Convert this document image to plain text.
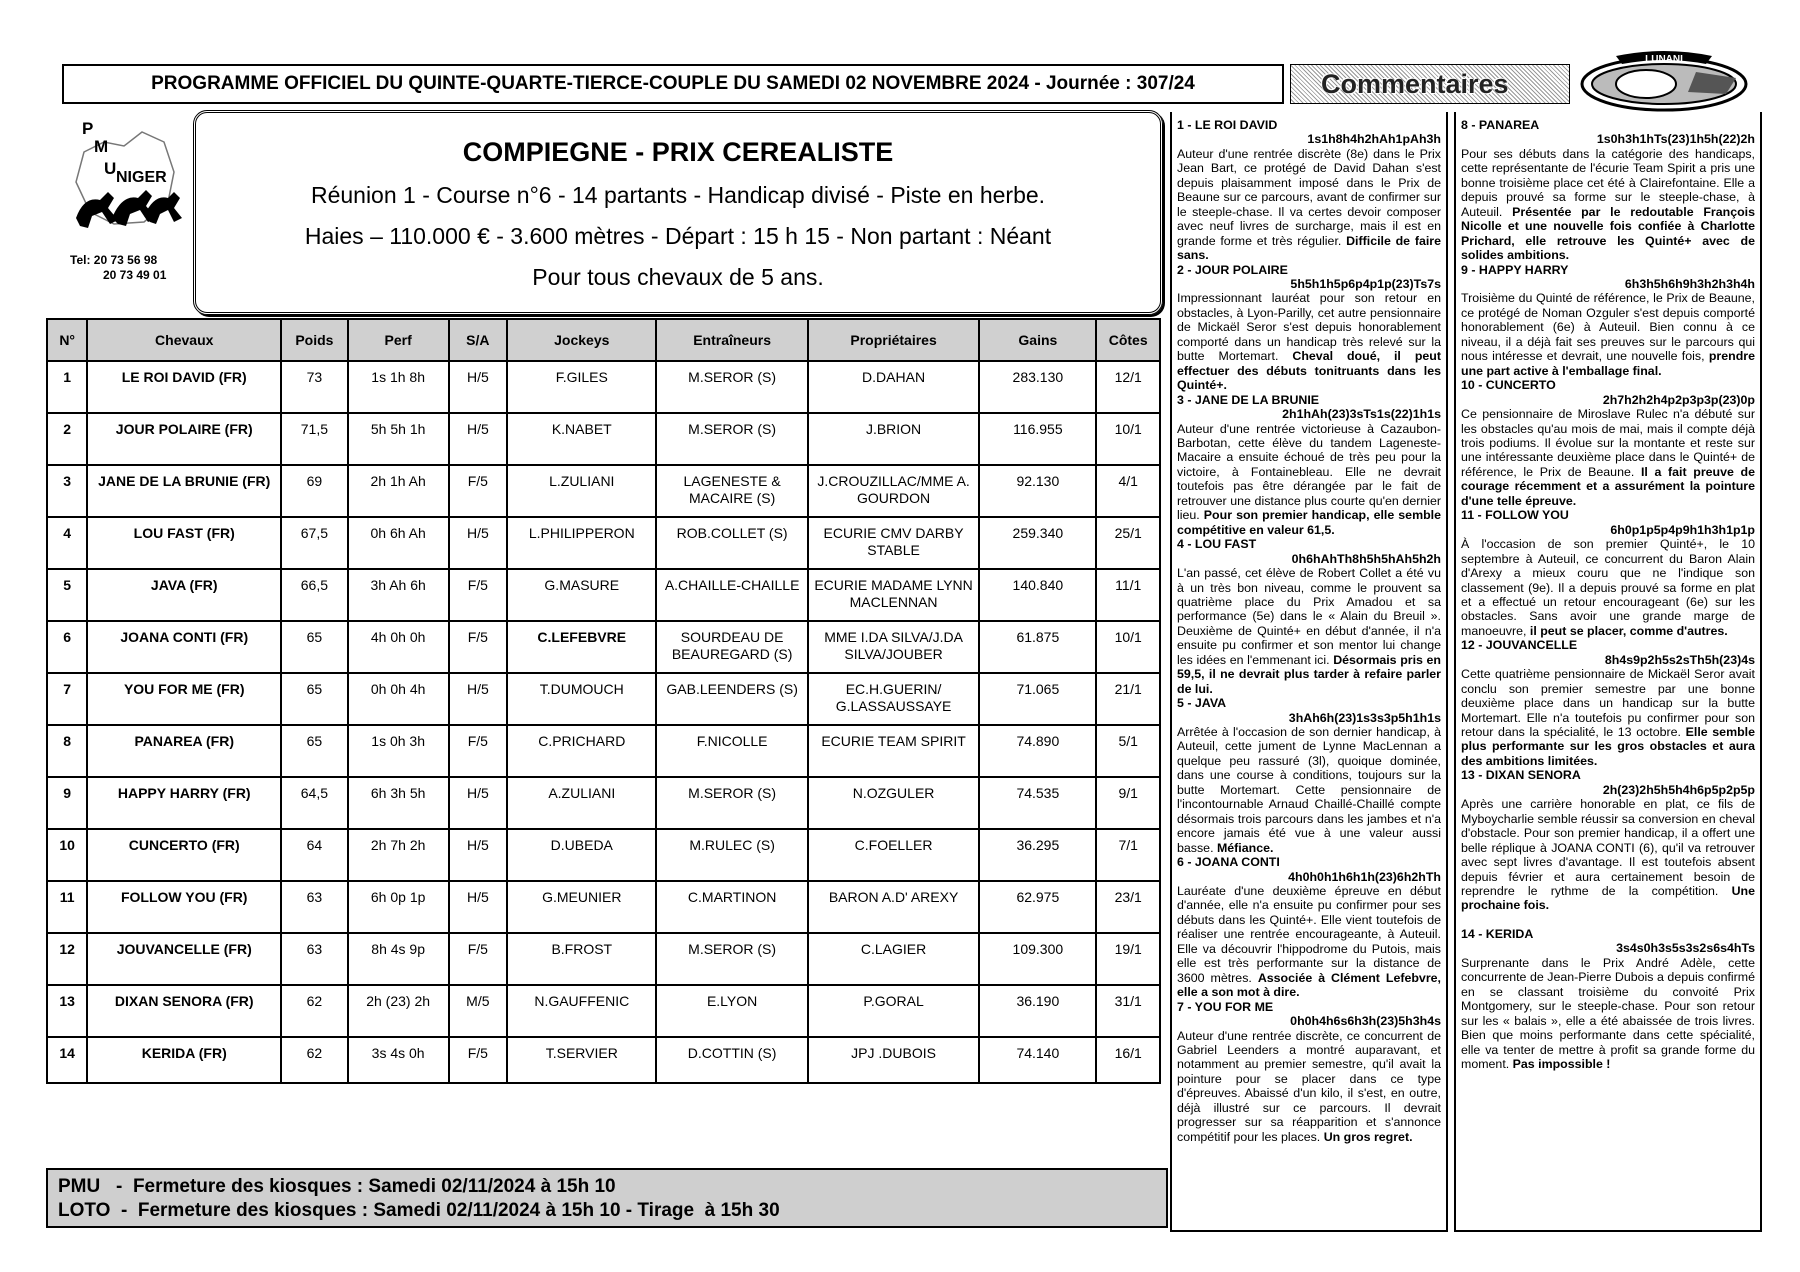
PROGRAMME OFFICIEL DU QUINTE-QUARTE-TIERCE-COUPLE DU SAMEDI 02 NOVEMBRE 2024 - Journée : 307/24	Commentaires
LUNANI
P
M
U NIGER
Tel: 20 73 56 98
20 73 49 01
COMPIEGNE - PRIX CEREALISTE
Réunion 1 - Course n°6 - 14 partants - Handicap divisé - Piste en herbe.
Haies – 110.000 € - 3.600 mètres - Départ : 15 h 15 - Non partant : Néant
Pour tous chevaux de 5 ans.
N°	Chevaux	Poids	Perf	S/A	Jockeys	Entraîneurs	Propriétaires	Gains	Côtes
1	LE ROI DAVID (FR)	73	1s 1h 8h	H/5	F.GILES	M.SEROR (S)	D.DAHAN	283.130	12/1
2	JOUR POLAIRE (FR)	71,5	5h 5h 1h	H/5	K.NABET	M.SEROR (S)	J.BRION	116.955	10/1
3	JANE DE LA BRUNIE (FR)	69	2h 1h Ah	F/5	L.ZULIANI	LAGENESTE & MACAIRE (S)	J.CROUZILLAC/MME A. GOURDON	92.130	4/1
4	LOU FAST (FR)	67,5	0h 6h Ah	H/5	L.PHILIPPERON	ROB.COLLET (S)	ECURIE CMV DARBY STABLE	259.340	25/1
5	JAVA (FR)	66,5	3h Ah 6h	F/5	G.MASURE	A.CHAILLE-CHAILLE	ECURIE MADAME LYNN MACLENNAN	140.840	11/1
6	JOANA CONTI (FR)	65	4h 0h 0h	F/5	C.LEFEBVRE	SOURDEAU DE BEAUREGARD (S)	MME I.DA SILVA/J.DA SILVA/JOUBER	61.875	10/1
7	YOU FOR ME (FR)	65	0h 0h 4h	H/5	T.DUMOUCH	GAB.LEENDERS (S)	EC.H.GUERIN/ G.LASSAUSSAYE	71.065	21/1
8	PANAREA (FR)	65	1s 0h 3h	F/5	C.PRICHARD	F.NICOLLE	ECURIE TEAM SPIRIT	74.890	5/1
9	HAPPY HARRY (FR)	64,5	6h 3h 5h	H/5	A.ZULIANI	M.SEROR (S)	N.OZGULER	74.535	9/1
10	CUNCERTO (FR)	64	2h 7h 2h	H/5	D.UBEDA	M.RULEC (S)	C.FOELLER	36.295	7/1
11	FOLLOW YOU (FR)	63	6h 0p 1p	H/5	G.MEUNIER	C.MARTINON	BARON A.D' AREXY	62.975	23/1
12	JOUVANCELLE (FR)	63	8h 4s 9p	F/5	B.FROST	M.SEROR (S)	C.LAGIER	109.300	19/1
13	DIXAN SENORA (FR)	62	2h (23) 2h	M/5	N.GAUFFENIC	E.LYON	P.GORAL	36.190	31/1
14	KERIDA (FR)	62	3s 4s 0h	F/5	T.SERVIER	D.COTTIN (S)	JPJ .DUBOIS	74.140	16/1
PMU   -  Fermeture des kiosques : Samedi 02/11/2024 à 15h 10
LOTO  -  Fermeture des kiosques : Samedi 02/11/2024 à 15h 10 - Tirage  à 15h 30
1 - LE ROI DAVID
1s1h8h4h2hAh1pAh3h

Auteur d'une rentrée discrète (8e) dans le Prix Jean Bart, ce protégé de David Dahan s'est depuis plaisamment imposé dans le Prix de Beaune sur ce parcours, avant de confirmer sur le steeple-chase. Il va certes devoir composer avec neuf livres de surcharge, mais il est en grande forme et très régulier. Difficile de faire sans.

2 - JOUR POLAIRE
5h5h1h5p6p4p1p(23)Ts7s

Impressionnant lauréat pour son retour en obstacles, à Lyon-Parilly, cet autre pensionnaire de Mickaël Seror s'est depuis honorablement comporté dans un handicap très relevé sur la butte Mortemart. Cheval doué, il peut effectuer des débuts tonitruants dans les Quinté+.

3 - JANE DE LA BRUNIE
2h1hAh(23)3sTs1s(22)1h1s

Auteur d'une rentrée victorieuse à Cazaubon-Barbotan, cette élève du tandem Lageneste-Macaire a ensuite échoué de très peu pour la victoire, à Fontainebleau. Elle ne devrait toutefois pas être dérangée par le fait de retrouver une distance plus courte qu'en dernier lieu. Pour son premier handicap, elle semble compétitive en valeur 61,5.

4 - LOU FAST
0h6hAhTh8h5h5hAh5h2h

L'an passé, cet élève de Robert Collet a été vu à un très bon niveau, comme le prouvent sa quatrième place du Prix Amadou et sa performance (5e) dans le « Alain du Breuil ». Deuxième de Quinté+ en début d'année, il n'a ensuite pu confirmer et son mentor lui change les idées en l'emmenant ici. Désormais pris en 59,5, il ne devrait plus tarder à refaire parler de lui.

5 - JAVA
3hAh6h(23)1s3s3p5h1h1s

Arrêtée à l'occasion de son dernier handicap, à Auteuil, cette jument de Lynne MacLennan a quelque peu rassuré (3l), quoique dominée, dans une course à conditions, toujours sur la butte Mortemart. Cette pensionnaire de l'incontournable Arnaud Chaillé-Chaillé compte désormais trois parcours dans les jambes et n'a encore jamais été vue à une valeur aussi basse. Méfiance.

6 - JOANA CONTI
4h0h0h1h6h1h(23)6h2hTh

Lauréate d'une deuxième épreuve en début d'année, elle n'a ensuite pu confirmer pour ses débuts dans les Quinté+. Elle vient toutefois de réaliser une rentrée encourageante, à Auteuil. Elle va découvrir l'hippodrome du Putois, mais elle est très performante sur la distance de 3600 mètres. Associée à Clément Lefebvre, elle a son mot à dire.

7 - YOU FOR ME
0h0h4h6s6h3h(23)5h3h4s

Auteur d'une rentrée discrète, ce concurrent de Gabriel Leenders a montré auparavant, et notamment au premier semestre, qu'il avait la pointure pour se placer dans ce type d'épreuves. Abaissé d'un kilo, il s'est, en outre, déjà illustré sur ce parcours. Il devrait progresser sur sa réapparition et s'annonce compétitif pour les places. Un gros regret.

8 - PANAREA
1s0h3h1hTs(23)1h5h(22)2h

Pour ses débuts dans la catégorie des handicaps, cette représentante de l'écurie Team Spirit a pris une bonne troisième place cet été à Clairefontaine. Elle a depuis prouvé sa forme sur le steeple-chase, à Auteuil. Présentée par le redoutable François Nicolle et une nouvelle fois confiée à Charlotte Prichard, elle retrouve les Quinté+ avec de solides ambitions.

9 - HAPPY HARRY
6h3h5h6h9h3h2h3h4h

Troisième du Quinté de référence, le Prix de Beaune, ce protégé de Noman Ozguler s'est depuis comporté honorablement (6e) à Auteuil. Bien connu à ce niveau, il a déjà fait ses preuves sur le parcours qui nous intéresse et devrait, une nouvelle fois, prendre une part active à l'emballage final.

10 - CUNCERTO
2h7h2h2h4p2p3p3p(23)0p

Ce pensionnaire de Miroslave Rulec n'a débuté sur les obstacles qu'au mois de mai, mais il compte déjà trois podiums. Il évolue sur la montante et reste sur une intéressante deuxième place dans le Quinté+ de référence, le Prix de Beaune. Il a fait preuve de courage récemment et a assurément la pointure d'une telle épreuve.

11 - FOLLOW YOU
6h0p1p5p4p9h1h3h1p1p

À l'occasion de son premier Quinté+, le 10 septembre à Auteuil, ce concurrent du Baron Alain d'Arexy a mieux couru que ne l'indique son classement (9e). Il a depuis prouvé sa forme en plat et a effectué un retour encourageant (6e) sur les obstacles. Sans avoir une grande marge de manoeuvre, il peut se placer, comme d'autres.

12 - JOUVANCELLE
8h4s9p2h5s2sTh5h(23)4s

Cette quatrième pensionnaire de Mickaël Seror avait conclu son premier semestre par une bonne deuxième place dans un handicap sur la butte Mortemart. Elle n'a toutefois pu confirmer pour son retour dans la spécialité, le 13 octobre. Elle semble plus performante sur les gros obstacles et aura des ambitions limitées.

13 - DIXAN SENORA
2h(23)2h5h5h4h6p5p2p5p

Après une carrière honorable en plat, ce fils de Myboycharlie semble réussir sa conversion en cheval d'obstacle. Pour son premier handicap, il a offert une belle réplique à JOANA CONTI (6), qu'il va retrouver avec sept livres d'avantage. Il est toutefois absent depuis février et aura certainement besoin de reprendre le rythme de la compétition. Une prochaine fois.

14 - KERIDA
3s4s0h3s5s3s2s6s4hTs

Surprenante dans le Prix André Adèle, cette concurrente de Jean-Pierre Dubois a depuis confirmé en se classant troisième du convoité Prix Montgomery, sur le steeple-chase. Pour son retour sur les « balais », elle a été abaissée de trois livres. Bien que moins performante dans cette spécialité, elle va tenter de mettre à profit sa grande forme du moment. Pas impossible !
